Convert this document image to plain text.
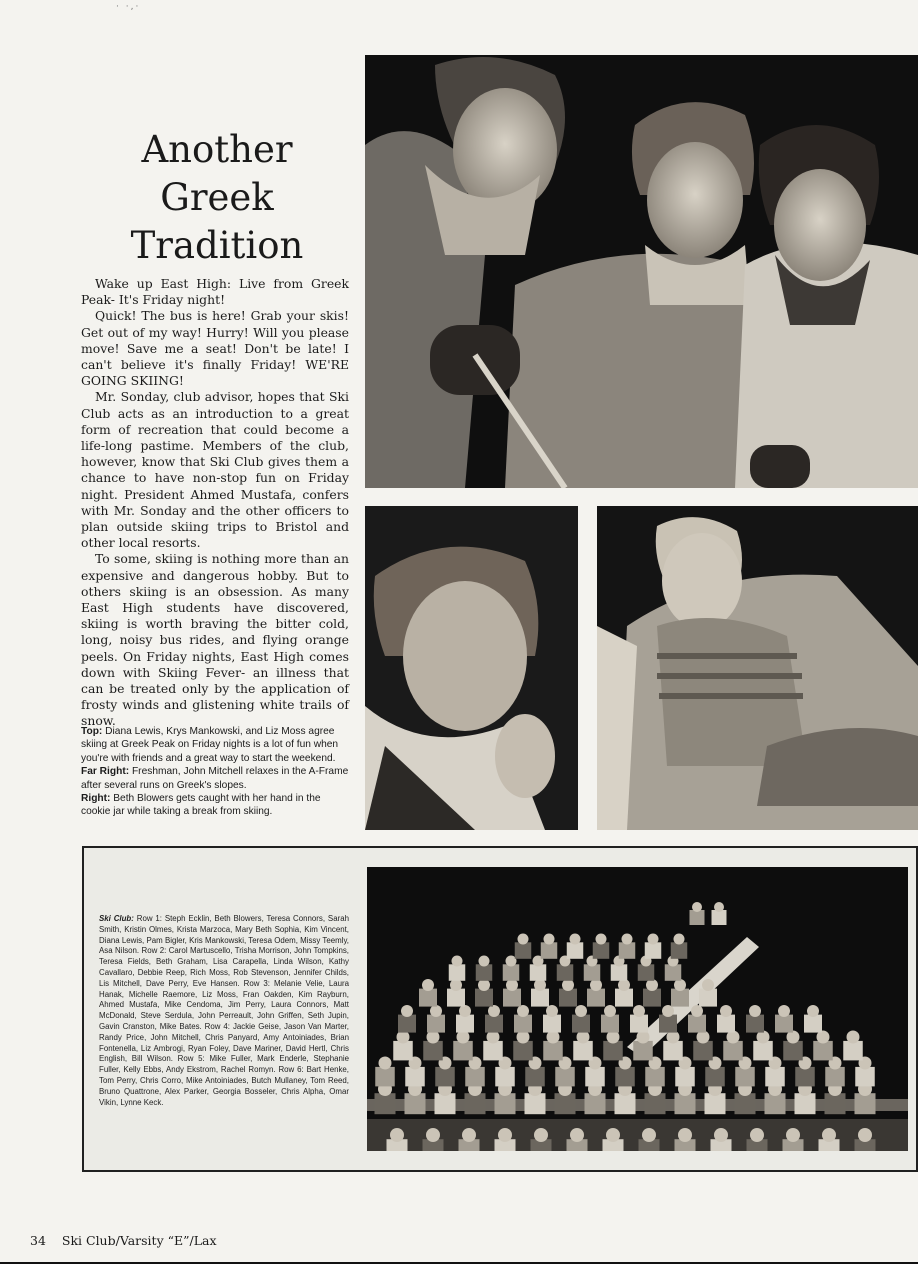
· ·,·
Another
Greek
Tradition

Wake up East High: Live from Greek Peak- It's Friday night!

Quick! The bus is here! Grab your skis! Get out of my way! Hurry! Will you please move! Save me a seat! Don't be late! I can't believe it's finally Friday! WE'RE GOING SKIING!

Mr. Sonday, club advisor, hopes that Ski Club acts as an introduction to a great form of recreation that could become a life-long pastime. Members of the club, however, know that Ski Club gives them a chance to have non-stop fun on Friday night. President Ahmed Mustafa, confers with Mr. Sonday and the other officers to plan outside skiing trips to Bristol and other local resorts.

To some, skiing is nothing more than an expensive and dangerous hobby. But to others skiing is an obsession. As many East High students have discovered, skiing is worth braving the bitter cold, long, noisy bus rides, and flying orange peels. On Friday nights, East High comes down with Skiing Fever- an illness that can be treated only by the application of frosty winds and glistening white trails of snow.

Top: Diana Lewis, Krys Mankowski, and Liz Moss agree skiing at Greek Peak on Friday nights is a lot of fun when you're with friends and a great way to start the weekend.

Far Right: Freshman, John Mitchell relaxes in the A-Frame after several runs on Greek's slopes.

Right: Beth Blowers gets caught with her hand in the cookie jar while taking a break from skiing.

Ski Club: Row 1: Steph Ecklin, Beth Blowers, Teresa Connors, Sarah Smith, Kristin Olmes, Krista Marzoca, Mary Beth Sophia, Kim Vincent, Diana Lewis, Pam Bigler, Kris Mankowski, Teresa Odem, Missy Teemly, Asa Nilson. Row 2: Carol Martuscello, Trisha Morrison, John Tompkins, Teresa Fields, Beth Graham, Lisa Carapella, Linda Wilson, Kathy Cavallaro, Debbie Reep, Rich Moss, Rob Stevenson, Jennifer Childs, Lis Mitchell, Dave Perry, Eve Hansen. Row 3: Melanie Velie, Laura Hanak, Michelle Raemore, Liz Moss, Fran Oakden, Kim Rayburn, Ahmed Mustafa, Mike Cendoma, Jim Perry, Laura Connors, Matt McDonald, Steve Serdula, John Perreault, John Griffen, Seth Jupin, Gavin Cranston, Mike Bates. Row 4: Jackie Geise, Jason Van Marter, Randy Price, John Mitchell, Chris Panyard, Amy Antoiniades, Brian Fontenella, Liz Ambrogi, Ryan Foley, Dave Mariner, David Hertl, Chris English, Bill Wilson. Row 5: Mike Fuller, Mark Enderle, Stephanie Fuller, Kelly Ebbs, Andy Ekstrom, Rachel Romyn. Row 6: Bart Henke, Tom Perry, Chris Corro, Mike Antoiniades, Butch Mullaney, Tom Reed, Bruno Quattrone, Alex Parker, Georgia Bosseler, Chris Alpha, Omar Vikin, Lynne Keck.
34 Ski Club/Varsity “E”/Lax
